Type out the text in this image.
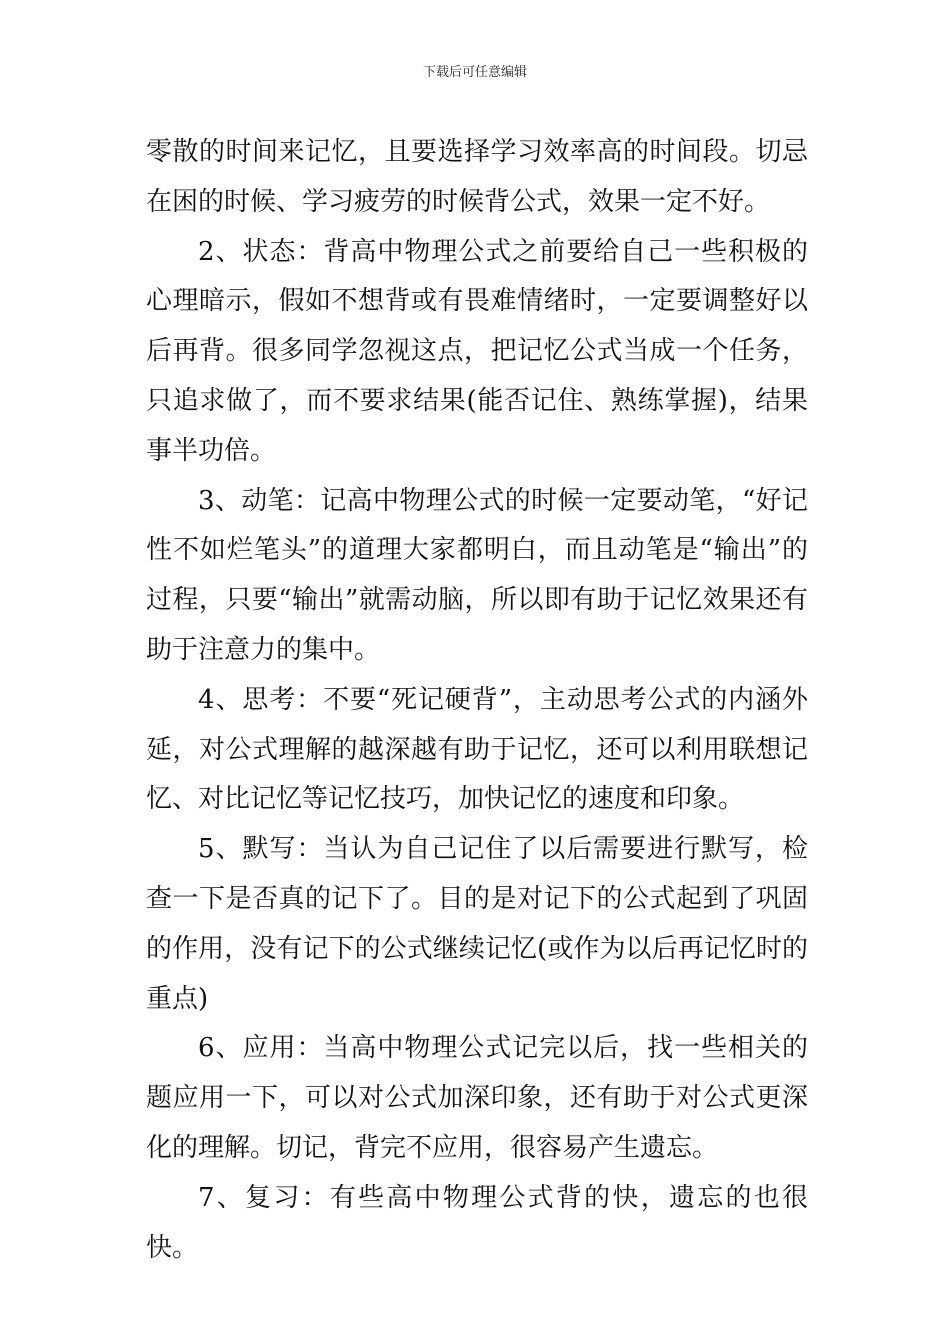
下载后可任意编辑

零散的时间来记忆，且要选择学习效率高的时间段。切忌在困的时候、学习疲劳的时候背公式，效果一定不好。

2、状态：背高中物理公式之前要给自己一些积极的心理暗示，假如不想背或有畏难情绪时，一定要调整好以后再背。很多同学忽视这点，把记忆公式当成一个任务，只追求做了，而不要求结果(能否记住、熟练掌握)，结果事半功倍。

3、动笔：记高中物理公式的时候一定要动笔，“好记性不如烂笔头”的道理大家都明白，而且动笔是“输出”的过程，只要“输出”就需动脑，所以即有助于记忆效果还有助于注意力的集中。

4、思考：不要“死记硬背”，主动思考公式的内涵外延，对公式理解的越深越有助于记忆，还可以利用联想记忆、对比记忆等记忆技巧，加快记忆的速度和印象。

5、默写：当认为自己记住了以后需要进行默写，检查一下是否真的记下了。目的是对记下的公式起到了巩固的作用，没有记下的公式继续记忆(或作为以后再记忆时的重点)

6、应用：当高中物理公式记完以后，找一些相关的题应用一下，可以对公式加深印象，还有助于对公式更深化的理解。切记，背完不应用，很容易产生遗忘。

7、复习：有些高中物理公式背的快，遗忘的也很快。
